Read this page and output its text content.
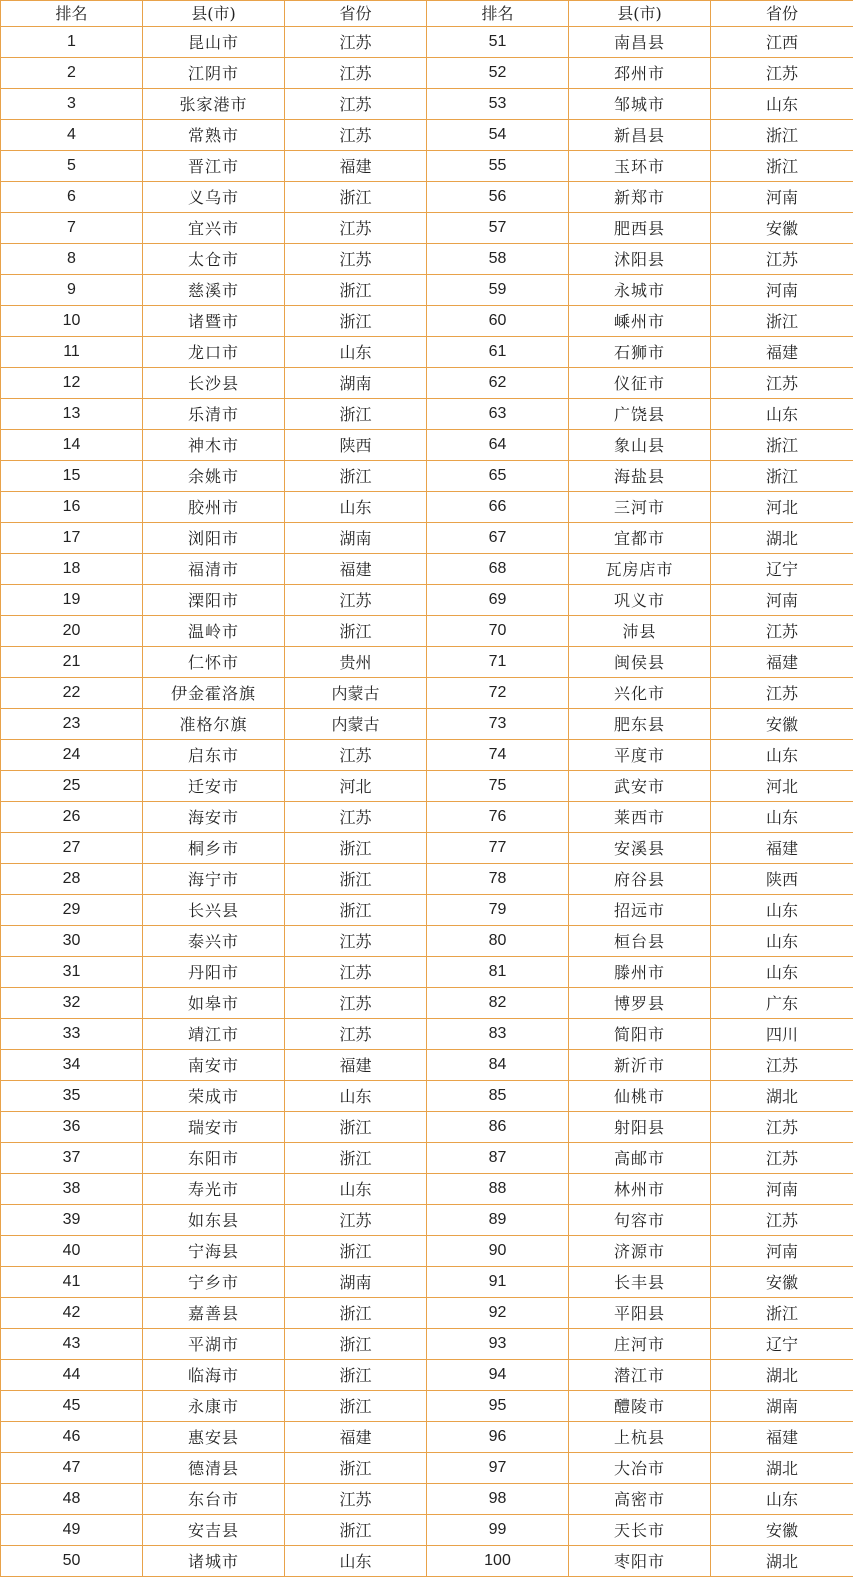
排名	县(市)	省份	排名	县(市)	省份
1	昆山市	江苏	51	南昌县	江西
2	江阴市	江苏	52	邳州市	江苏
3	张家港市	江苏	53	邹城市	山东
4	常熟市	江苏	54	新昌县	浙江
5	晋江市	福建	55	玉环市	浙江
6	义乌市	浙江	56	新郑市	河南
7	宜兴市	江苏	57	肥西县	安徽
8	太仓市	江苏	58	沭阳县	江苏
9	慈溪市	浙江	59	永城市	河南
10	诸暨市	浙江	60	嵊州市	浙江
11	龙口市	山东	61	石狮市	福建
12	长沙县	湖南	62	仪征市	江苏
13	乐清市	浙江	63	广饶县	山东
14	神木市	陕西	64	象山县	浙江
15	余姚市	浙江	65	海盐县	浙江
16	胶州市	山东	66	三河市	河北
17	浏阳市	湖南	67	宜都市	湖北
18	福清市	福建	68	瓦房店市	辽宁
19	溧阳市	江苏	69	巩义市	河南
20	温岭市	浙江	70	沛县	江苏
21	仁怀市	贵州	71	闽侯县	福建
22	伊金霍洛旗	内蒙古	72	兴化市	江苏
23	准格尔旗	内蒙古	73	肥东县	安徽
24	启东市	江苏	74	平度市	山东
25	迁安市	河北	75	武安市	河北
26	海安市	江苏	76	莱西市	山东
27	桐乡市	浙江	77	安溪县	福建
28	海宁市	浙江	78	府谷县	陕西
29	长兴县	浙江	79	招远市	山东
30	泰兴市	江苏	80	桓台县	山东
31	丹阳市	江苏	81	滕州市	山东
32	如皋市	江苏	82	博罗县	广东
33	靖江市	江苏	83	简阳市	四川
34	南安市	福建	84	新沂市	江苏
35	荣成市	山东	85	仙桃市	湖北
36	瑞安市	浙江	86	射阳县	江苏
37	东阳市	浙江	87	高邮市	江苏
38	寿光市	山东	88	林州市	河南
39	如东县	江苏	89	句容市	江苏
40	宁海县	浙江	90	济源市	河南
41	宁乡市	湖南	91	长丰县	安徽
42	嘉善县	浙江	92	平阳县	浙江
43	平湖市	浙江	93	庄河市	辽宁
44	临海市	浙江	94	潜江市	湖北
45	永康市	浙江	95	醴陵市	湖南
46	惠安县	福建	96	上杭县	福建
47	德清县	浙江	97	大冶市	湖北
48	东台市	江苏	98	高密市	山东
49	安吉县	浙江	99	天长市	安徽
50	诸城市	山东	100	枣阳市	湖北
